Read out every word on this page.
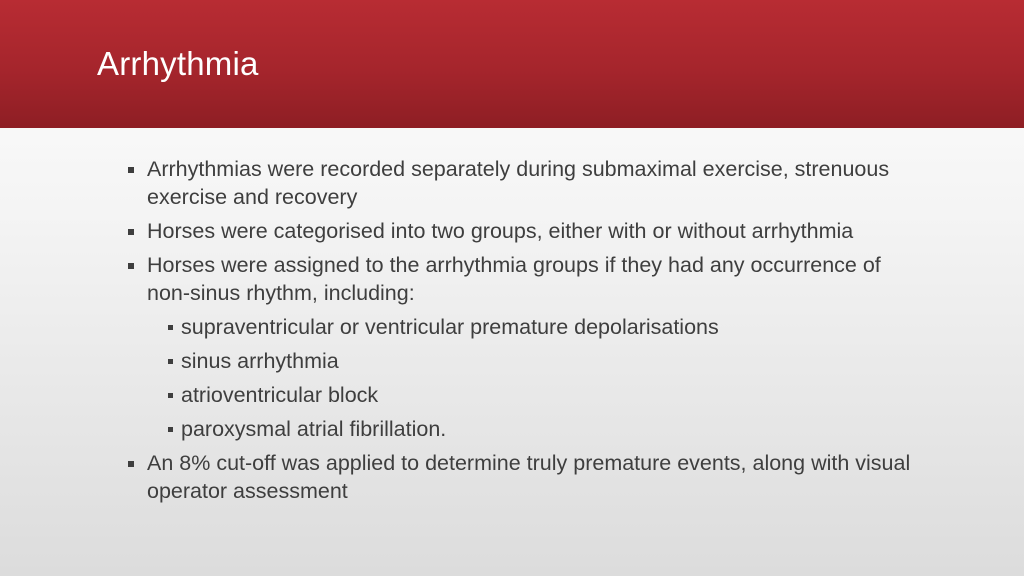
Arrhythmia
Arrhythmias were recorded separately during submaximal exercise, strenuous exercise and recovery
Horses were categorised into two groups, either with or without arrhythmia
Horses were assigned to the arrhythmia groups if they had any occurrence of non-sinus rhythm, including:
supraventricular or ventricular premature depolarisations
sinus arrhythmia
atrioventricular block
paroxysmal atrial fibrillation.
An 8% cut-off was applied to determine truly premature events, along with visual operator assessment
